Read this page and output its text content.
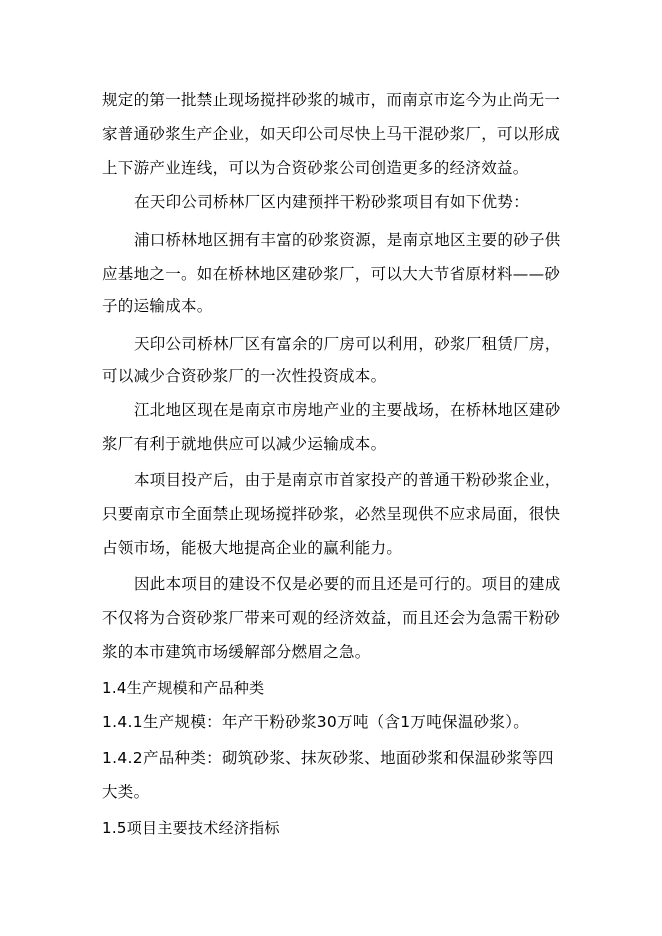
规定的第一批禁止现场搅拌砂浆的城市，而南京市迄今为止尚无一
家普通砂浆生产企业，如天印公司尽快上马干混砂浆厂，可以形成
上下游产业连线，可以为合资砂浆公司创造更多的经济效益。
在天印公司桥林厂区内建预拌干粉砂浆项目有如下优势：
浦口桥林地区拥有丰富的砂浆资源，是南京地区主要的砂子供
应基地之一。如在桥林地区建砂浆厂，可以大大节省原材料——砂
子的运输成本。
天印公司桥林厂区有富余的厂房可以利用，砂浆厂租赁厂房，
可以减少合资砂浆厂的一次性投资成本。
江北地区现在是南京市房地产业的主要战场，在桥林地区建砂
浆厂有利于就地供应可以减少运输成本。
本项目投产后，由于是南京市首家投产的普通干粉砂浆企业，
只要南京市全面禁止现场搅拌砂浆，必然呈现供不应求局面，很快
占领市场，能极大地提高企业的赢利能力。
因此本项目的建设不仅是必要的而且还是可行的。项目的建成
不仅将为合资砂浆厂带来可观的经济效益，而且还会为急需干粉砂
浆的本市建筑市场缓解部分燃眉之急。
1.4生产规模和产品种类
1.4.1生产规模：年产干粉砂浆30万吨（含1万吨保温砂浆）。
1.4.2产品种类：砌筑砂浆、抹灰砂浆、地面砂浆和保温砂浆等四
大类。
1.5项目主要技术经济指标
